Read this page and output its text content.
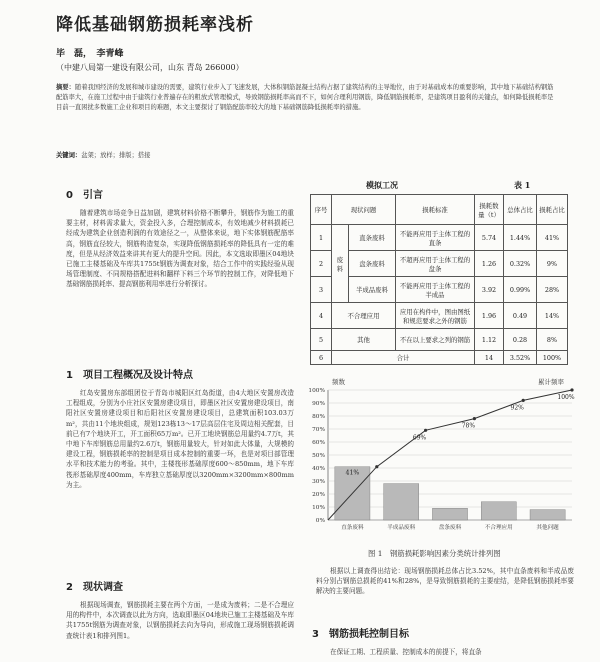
降低基础钢筋损耗率浅析
毕　磊，　李青峰
（中建八局第一建设有限公司，山东 青岛 266000）
摘要：随着我国经济的发展和城市建设的需要，建筑行业步入了飞速发展，大体积钢筋混凝土结构占据了建筑结构的主导地位，由于对基础成本的重要影响，其中地下基础结构钢筋配筋率大，在施工过程中由于建筑行业普遍存在的粗放式管理模式，导致钢筋损耗率高而不下，如何合理利用钢筋，降低钢筋损耗率，是建筑项目盈利的关键点，如何降低损耗率是目前一直困扰多数施工企业和项目的难题，本文主要探讨了钢筋配筋率较大的地下基础钢筋降低损耗率的措施。
关键词：盆架；放样；排版；搭接
0　引言
随着建筑市场竞争日益加剧，建筑材料价格不断攀升，钢筋作为施工的重要主材，材料需求量大，资金投入多，合理控制成本，有效地减少材料损耗已经成为建筑企业创造利润的有效途径之一，从整体来说，地下实体钢筋配筋率高，钢筋直径较大，钢筋构造复杂，实现降低钢筋损耗率的降低具有一定的难度，但是从经济效益来讲其有更大的提升空间。因此，本文选取即墨区04地块已施工主楼基础及车库共1755t钢筋为调查对象，结合工作中的实践经验从现场管理制度、不同规格搭配进料和翻样下料三个环节的控制工作，对降低地下基础钢筋损耗率、提高钢筋利用率进行分析探讨。
1　项目工程概况及设计特点
红岛安置房东部组团位于青岛市城阳区红岛街道，由4大地区安置房改造工程组成，分别为小庄社区安置房建设项目，即墨区社区安置房建设项目，南阳社区安置房建设项目和后阳社区安置房建设项目，总建筑面积103.03万m²，共由11个地块组成，规划123栋13～17层高层住宅及周边相关配套，目前已有7个地块开工，开工面积65万m²。已开工地块钢筋总用量约4.7万t，其中地下车库钢筋总用量约2.6万t，钢筋用量较大，针对如此大体量，大规模的建设工程，钢筋损耗率的控制是项目成本控制的重要一环，也是对项目部管理水平和技术能力的考验。其中，主楼筏形基础厚度600～850mm，地下车库筏形基础厚度400mm，车库独立基础厚度以3200mm×3200mm×800mm为主。
2　现状调查
根据现场调查，钢筋损耗主要在两个方面，一是成为废料；二是不合理应用的构件中，本次调查以此为方向，选取即墨区04地块已施工主楼基础及车库共1755t钢筋为调查对象，以钢筋损耗去向为导向，形成施工现场钢筋损耗调查统计表1和排列图1。
模拟工况	表 1
序号	现状问题		损耗标准	损耗数量（t）	总体占比	损耗占比
1	废料	直条废料	不能再应用于主体工程的直条	5.74	1.44%	41%
2		盘条废料	不超再应用于主体工程的盘条	1.26	0.32%	9%
3		半成品废料	不能再应用于主体工程的半成品	3.92	0.99%	28%
4	不合理应用		应用在构件中，图由图纸和规范要求之外的钢筋	1.96	0.49	14%
5	其他		不在以上要求之列的钢筋	1.12	0.28	8%
6	合计			14	3.52%	100%
频数	累计频率
100%
90%
80%
70%
60%
50%
40%
30%
20%
10%
0%
41%
69%
78%
92%
100%
直条废料	半成品废料	盘条废料	不合理应用	其他问题
图 1　钢筋损耗影响因素分类统计排列图
根据以上调查得出结论：现场钢筋损耗总体占比3.52%，其中直条废料和半成品废料分别占钢筋总损耗的41%和28%，是导致钢筋损耗的主要症结，是降低钢筋损耗率要解决的主要问题。
3　钢筋损耗控制目标
在保证工期、工程质量、控制成本的前提下，将直条
